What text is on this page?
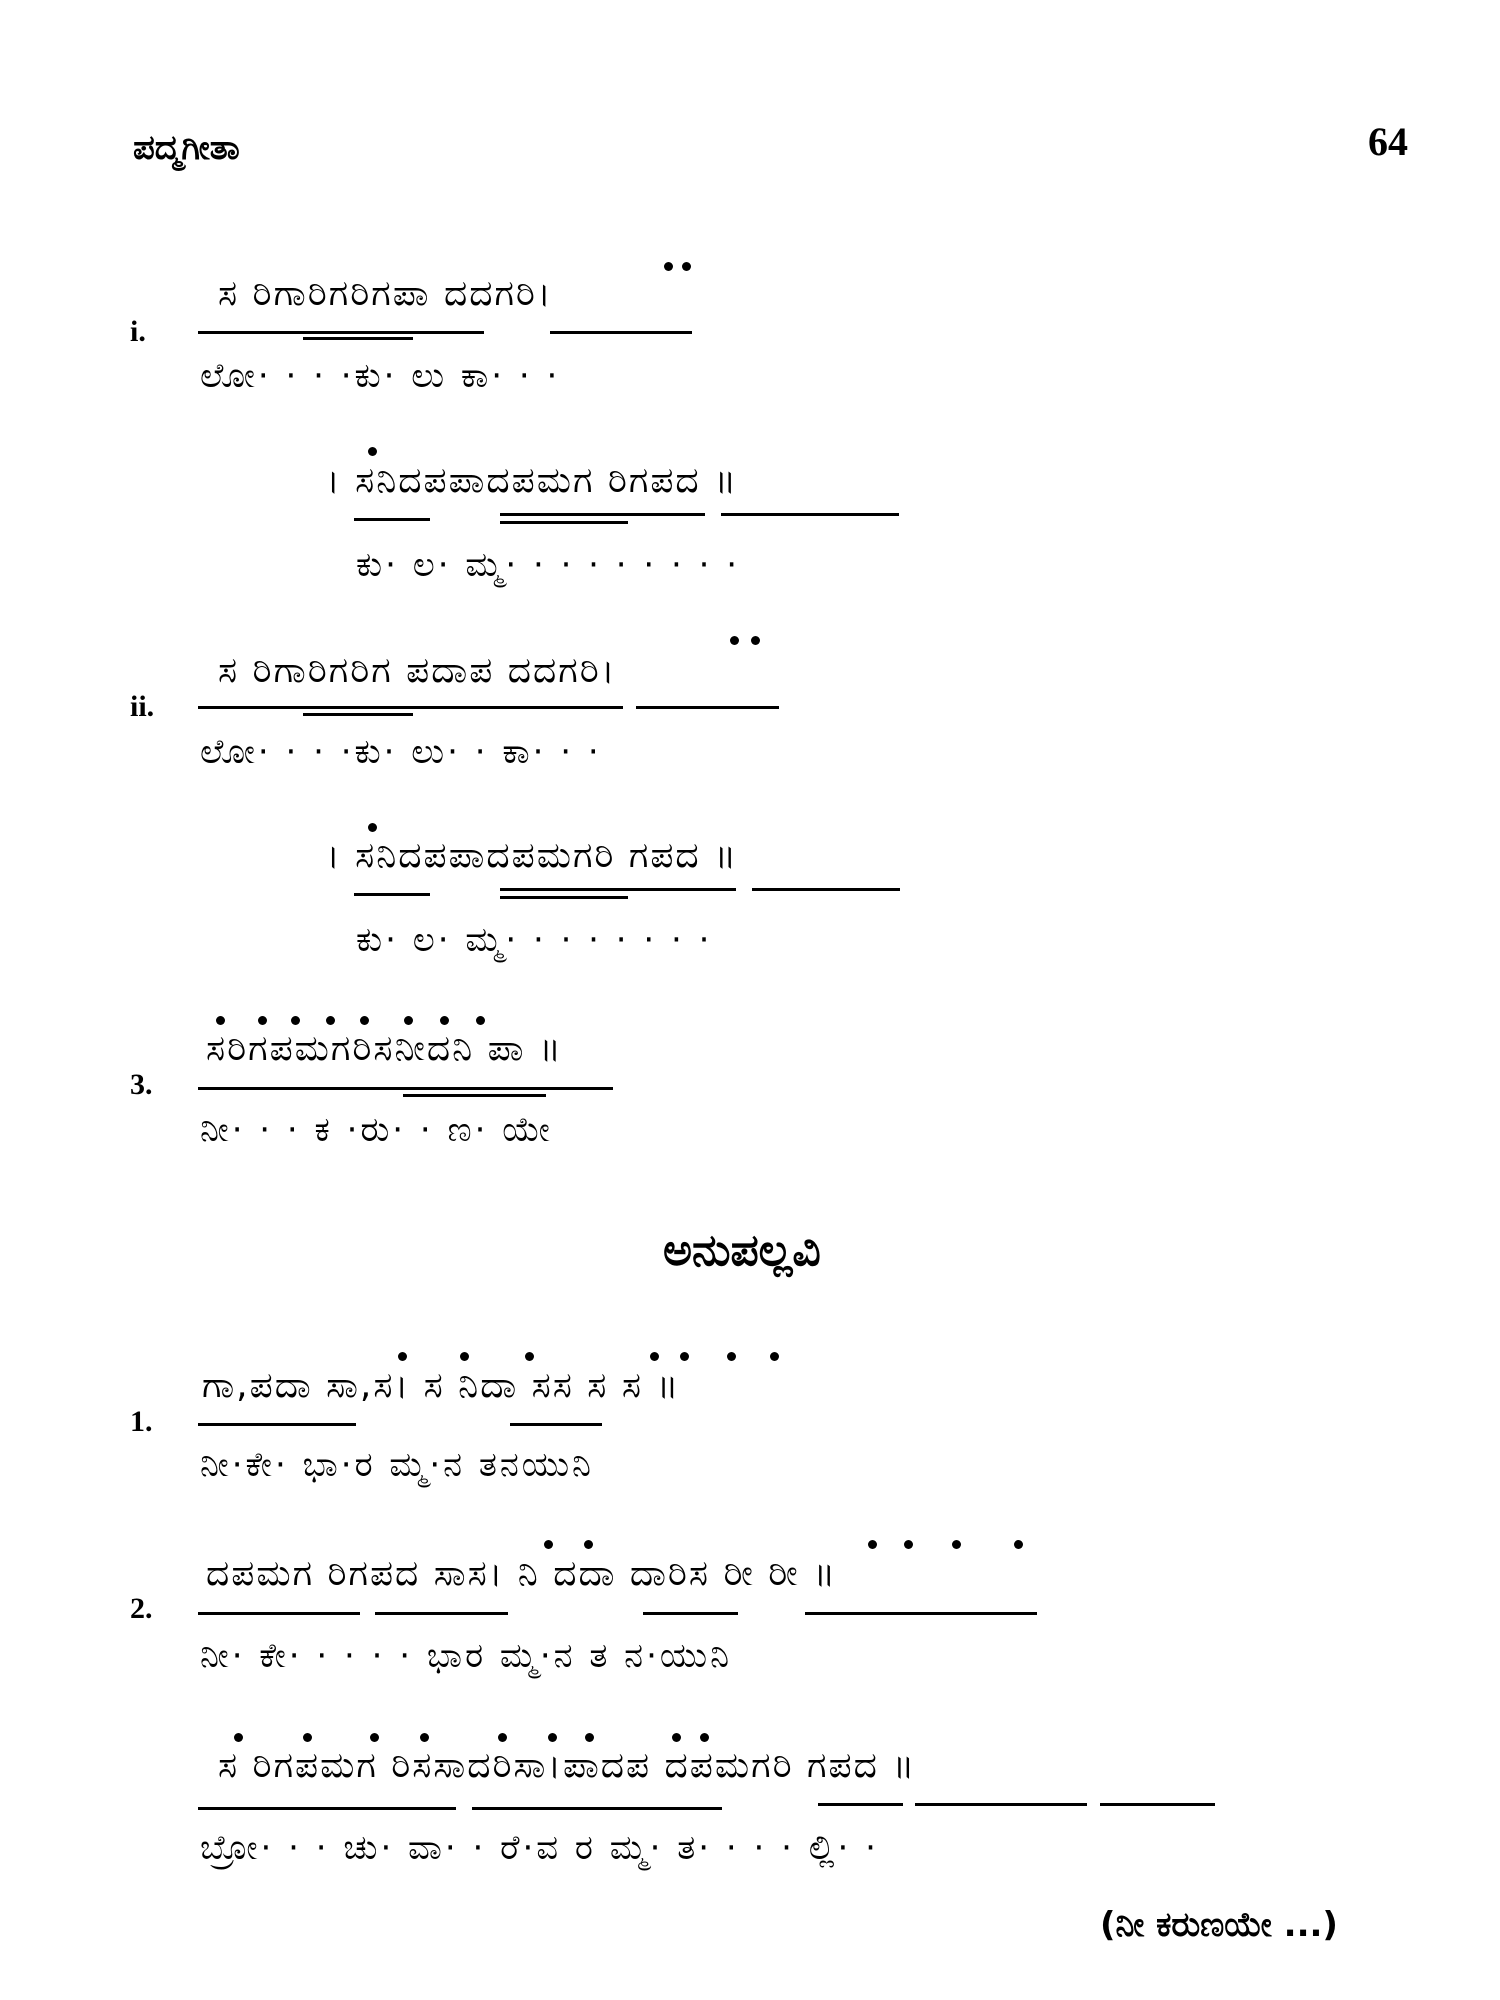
ಪದ್ಮಗೀತಾ	64
i.
ಸ ರಿಗಾರಿಗರಿಗಪಾ ದದಗರಿ।
ಲೋ· · · ·ಕು· ಲು ಕಾ· · ·
। ಸನಿದಪಪಾದಪಮಗ ರಿಗಪದ ॥
ಕು· ಲ· ಮ್ಮ· · · · · · · · ·
ii.
ಸ ರಿಗಾರಿಗರಿಗ ಪದಾಪ ದದಗರಿ।
ಲೋ· · · ·ಕು· ಲು· · ಕಾ· · ·
। ಸನಿದಪಪಾದಪಮಗರಿ ಗಪದ ॥
ಕು· ಲ· ಮ್ಮ· · · · · · · ·
3.
ಸರಿಗಪಮಗರಿಸನೀದನಿ ಪಾ ॥
ನೀ· · · ಕ ·ರು· · ಣ· ಯೇ
ಅನುಪಲ್ಲವಿ
1.
ಗಾ,ಪದಾ ಸಾ,ಸ। ಸ ನಿದಾ ಸಸ ಸ ಸ ॥
ನೀ·ಕೇ· ಭಾ·ರ ಮ್ಮ·ನ ತನಯುನಿ
2.
ದಪಮಗ ರಿಗಪದ ಸಾಸ। ನಿ ದದಾ ದಾರಿಸ ರೀ ರೀ ॥
ನೀ· ಕೇ· · · · · ಭಾರ ಮ್ಮ·ನ ತ ನ·ಯುನಿ
ಸ ರಿಗಪಮಗ ರಿಸಸಾದರಿಸಾ।ಪಾದಪ ದಪಮಗರಿ ಗಪದ ॥
ಬ್ರೋ· · · ಚು· ವಾ· · ರೆ·ವ ರ ಮ್ಮ· ತ· · · · ಲ್ಲಿ· ·
(ನೀ ಕರುಣಯೇ ...)
